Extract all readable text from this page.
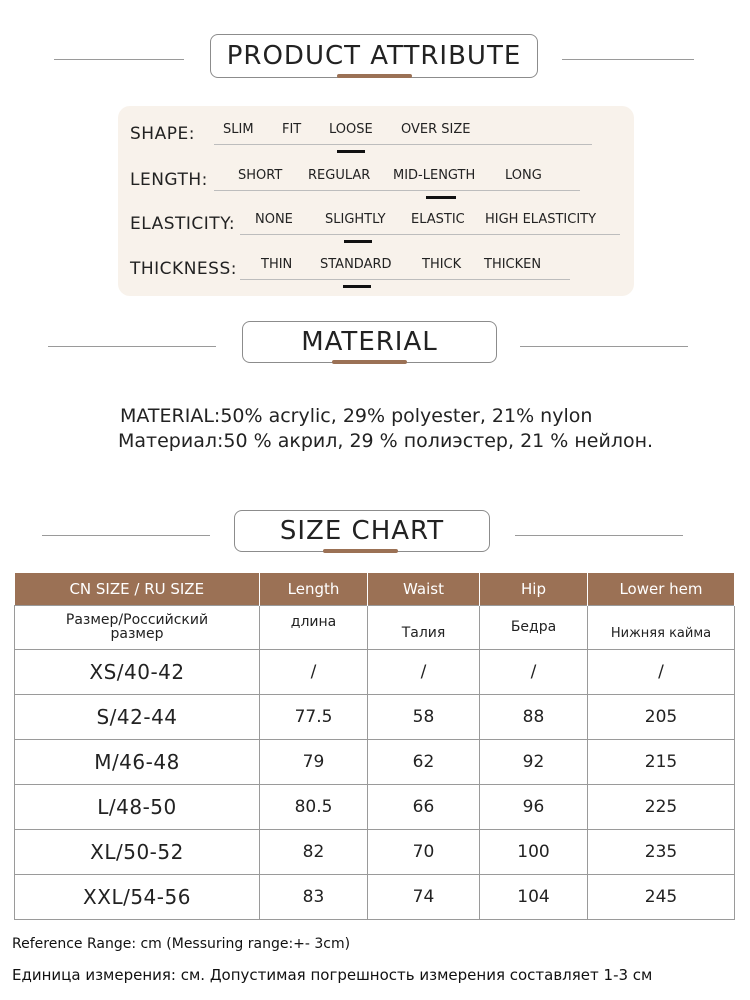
PRODUCT ATTRIBUTE
SHAPE: SLIM FIT LOOSE OVER SIZE
LENGTH: SHORT REGULAR MID-LENGTH LONG
ELASTICITY: NONE SLIGHTLY ELASTIC HIGH ELASTICITY
THICKNESS: THIN STANDARD THICK THICKEN
MATERIAL
MATERIAL:50% acrylic, 29% polyester, 21% nylon
Материал:50 % акрил, 29 % полиэстер, 21 % нейлон.
SIZE CHART
CN SIZE / RU SIZE	Length	Waist	Hip	Lower hem
Размер/Российский размер	длина	Талия	Бедра	Нижняя кайма
XS/40-42	/	/	/	/
S/42-44	77.5	58	88	205
M/46-48	79	62	92	215
L/48-50	80.5	66	96	225
XL/50-52	82	70	100	235
XXL/54-56	83	74	104	245
Reference Range: cm (Messuring range:+- 3cm)
Единица измерения: см. Допустимая погрешность измерения составляет 1-3 см
